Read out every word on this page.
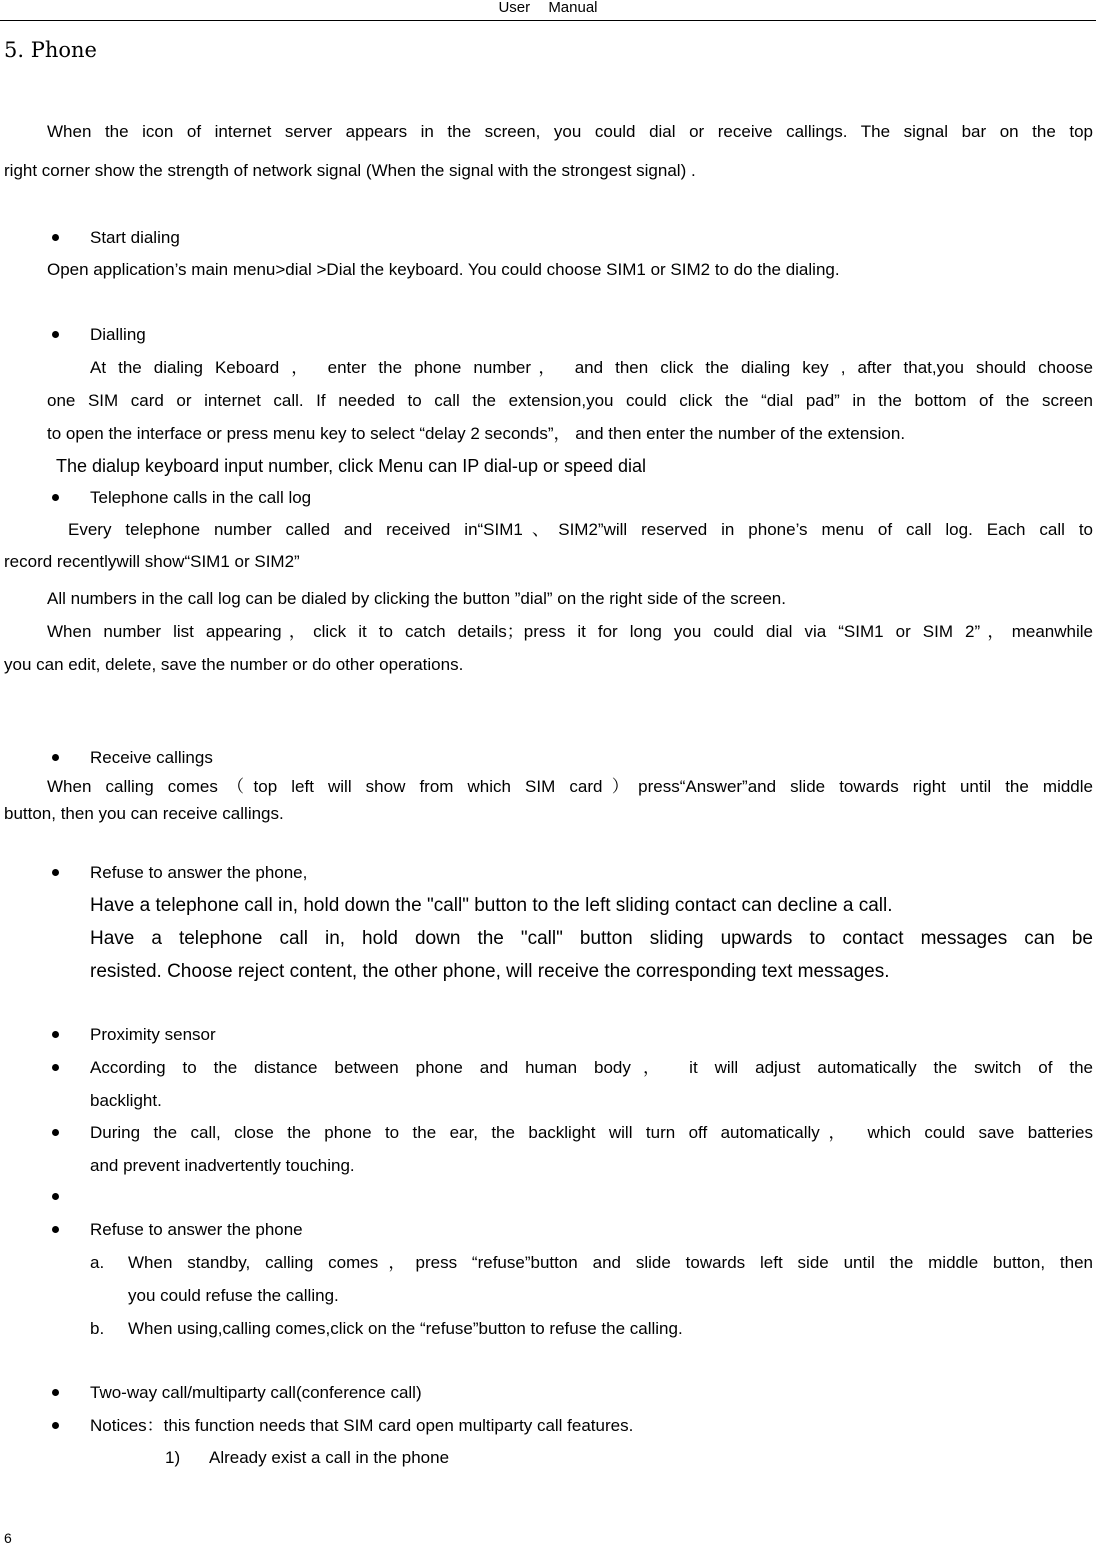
User Manual
5. Phone
When the icon of internet server appears in the screen, you could dial or receive callings. The signal bar on the top
right corner show the strength of network signal (When the signal with the strongest signal) .
Start dialing
Open application’s main menu>dial >Dial the keyboard. You could choose SIM1 or SIM2 to do the dialing.
Dialling
At the dialing Keboard ， enter the phone number， and then click the dialing key , after that,you should choose
one SIM card or internet call. If needed to call the extension,you could click the “dial pad” in the bottom of the screen
to open the interface or press menu key to select “delay 2 seconds”， and then enter the number of the extension.
The dialup keyboard input number, click Menu can IP dial-up or speed dial
Telephone calls in the call log
Every telephone number called and received in“SIM1、SIM2”will reserved in phone’s menu of call log. Each call to
record recentlywill show“SIM1 or SIM2”
All numbers in the call log can be dialed by clicking the button ”dial” on the right side of the screen.
When number list appearing，click it to catch details；press it for long you could dial via “SIM1 or SIM 2”，meanwhile
you can edit, delete, save the number or do other operations.
Receive callings
When calling comes（top left will show from which SIM card）press“Answer”and slide towards right until the middle
button, then you can receive callings.
Refuse to answer the phone,
Have a telephone call in, hold down the "call" button to the left sliding contact can decline a call.
Have a telephone call in, hold down the "call" button sliding upwards to contact messages can be
resisted. Choose reject content, the other phone, will receive the corresponding text messages.
Proximity sensor
According to the distance between phone and human body， it will adjust automatically the switch of the
backlight.
During the call, close the phone to the ear, the backlight will turn off automatically， which could save batteries
and prevent inadvertently touching.
Refuse to answer the phone
a. When standby, calling comes，press “refuse”button and slide towards left side until the middle button, then
you could refuse the calling.
b. When using,calling comes,click on the “refuse”button to refuse the calling.
Two-way call/multiparty call(conference call)
Notices：this function needs that SIM card open multiparty call features.
1) Already exist a call in the phone
6
